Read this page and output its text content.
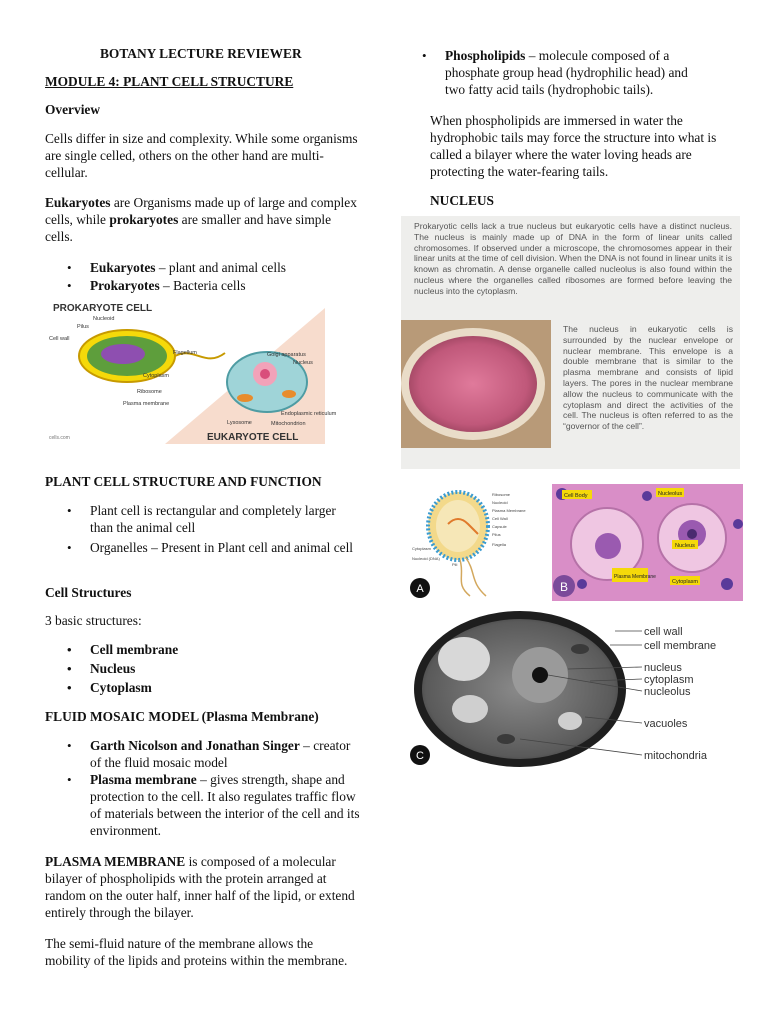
BOTANY LECTURE REVIEWER
MODULE 4: PLANT CELL STRUCTURE
Overview

Cells differ in size and complexity. While some organisms are single celled, others on the other hand are multi-cellular.

Eukaryotes are Organisms made up of large and complex cells, while prokaryotes are smaller and have simple cells.

• Eukaryotes – plant and animal cells
• Prokaryotes – Bacteria cells
PROKARYOTE CELL
Nucleoid
Pilus
Cell wall
Flagellum
Cytoplasm
Ribosome
Plasma membrane
Golgi apparatus
Nucleus
Endoplasmic reticulum
Lysosome	Mitochondrion
EUKARYOTE CELL
cells.com
PLANT CELL STRUCTURE AND FUNCTION
• Plant cell is rectangular and completely larger than the animal cell
• Organelles – Present in Plant cell and animal cell
Cell Structures

3 basic structures:

• Cell membrane
• Nucleus
• Cytoplasm
FLUID MOSAIC MODEL (Plasma Membrane)
• Garth Nicolson and Jonathan Singer – creator of the fluid mosaic model
• Plasma membrane – gives strength, shape and protection to the cell. It also regulates traffic flow of materials between the interior of the cell and its environment.

PLASMA MEMBRANE is composed of a molecular bilayer of phospholipids with the protein arranged at random on the outer half, inner half of the lipid, or extend entirely through the bilayer.

The semi-fluid nature of the membrane allows the mobility of the lipids and proteins within the membrane.

• Phospholipids – molecule composed of a phosphate group head (hydrophilic head) and two fatty acid tails (hydrophobic tails).

When phospholipids are immersed in water the hydrophobic tails may force the structure into what is called a bilayer where the water loving heads are protecting the water-fearing tails.

NUCLEUS

Prokaryotic cells lack a true nucleus but eukaryotic cells have a distinct nucleus. The nucleus is mainly made up of DNA in the form of linear units called chromosomes. If observed under a microscope, the chromosomes appear in their linear units at the time of cell division. When the DNA is not found in linear units it is known as chromatin. A dense organelle called nucleolus is also found within the nucleus where the organelles called ribosomes are formed before leaving the nucleus into the cytoplasm.

The nucleus in eukaryotic cells is surrounded by the nuclear envelope or nuclear membrane. This envelope is a double membrane that is similar to the plasma membrane and consists of lipid layers. The pores in the nuclear membrane allow the nucleus to communicate with the cytoplasm and direct the activities of the cell. The nucleus is often referred to as the “governor of the cell”.

Ribosome
Nucleoid
Plasma Membrane
Cell Wall
Capsule
Pilus
Flagella
Cytoplasm
Nucleoid (DNA)
Pili
A
Cell Body	Nucleolus
Nucleus
Plasma Membrane
Cytoplasm
B
cell wall
cell membrane
nucleus
cytoplasm
nucleolus
vacuoles
mitochondria
C
